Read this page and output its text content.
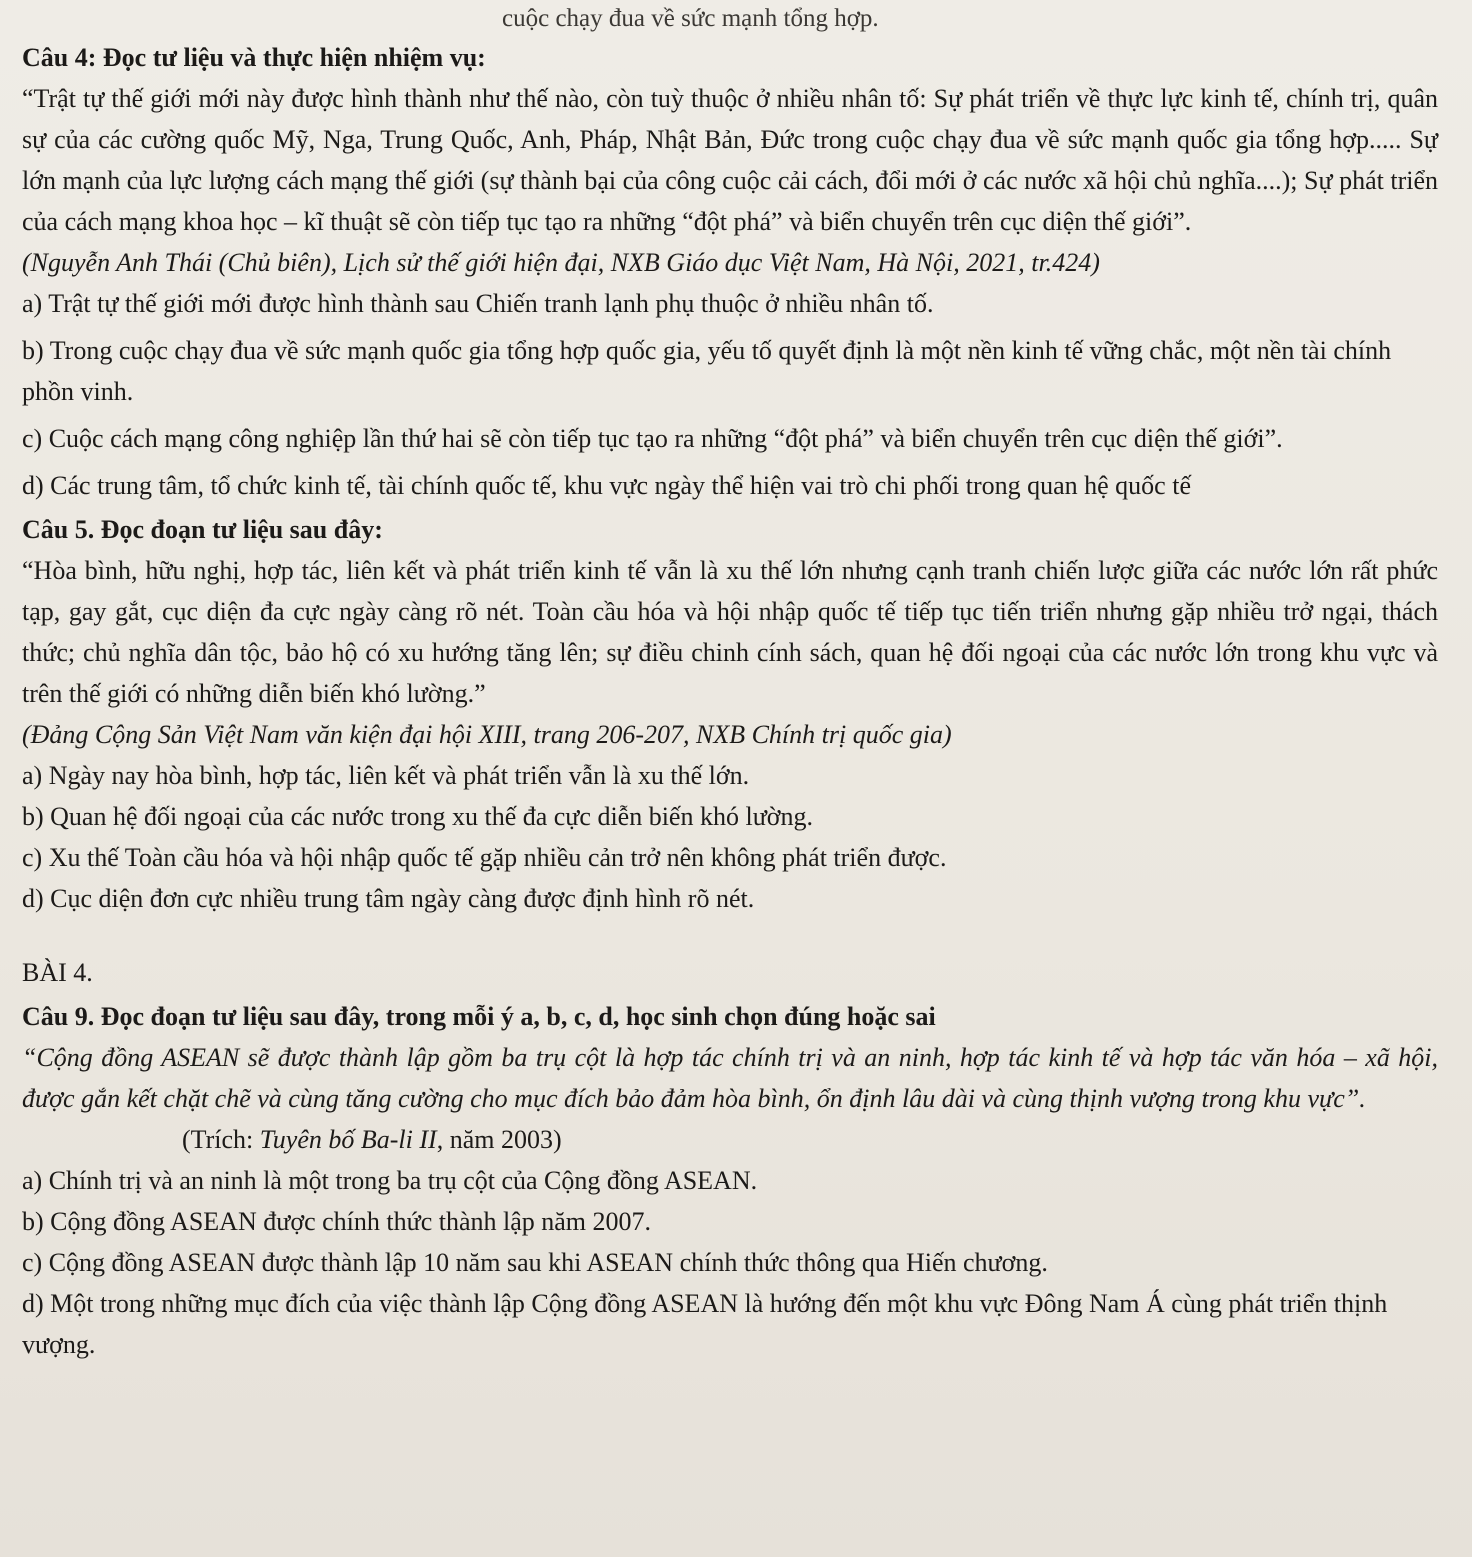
cuộc chạy đua về sức mạnh tổng hợp.
Câu 4: Đọc tư liệu và thực hiện nhiệm vụ:

“Trật tự thế giới mới này được hình thành như thế nào, còn tuỳ thuộc ở nhiều nhân tố: Sự phát triển về thực lực kinh tế, chính trị, quân sự của các cường quốc Mỹ, Nga, Trung Quốc, Anh, Pháp, Nhật Bản, Đức trong cuộc chạy đua về sức mạnh quốc gia tổng hợp..... Sự lớn mạnh của lực lượng cách mạng thế giới (sự thành bại của công cuộc cải cách, đổi mới ở các nước xã hội chủ nghĩa....); Sự phát triển của cách mạng khoa học – kĩ thuật sẽ còn tiếp tục tạo ra những “đột phá” và biển chuyển trên cục diện thế giới”.

(Nguyễn Anh Thái (Chủ biên), Lịch sử thế giới hiện đại, NXB Giáo dục Việt Nam, Hà Nội, 2021, tr.424)

a) Trật tự thế giới mới được hình thành sau Chiến tranh lạnh phụ thuộc ở nhiều nhân tố.

b) Trong cuộc chạy đua về sức mạnh quốc gia tổng hợp quốc gia, yếu tố quyết định là một nền kinh tế vững chắc, một nền tài chính phồn vinh.

c) Cuộc cách mạng công nghiệp lần thứ hai sẽ còn tiếp tục tạo ra những “đột phá” và biển chuyển trên cục diện thế giới”.

d) Các trung tâm, tổ chức kinh tế, tài chính quốc tế, khu vực ngày thể hiện vai trò chi phối trong quan hệ quốc tế

Câu 5. Đọc đoạn tư liệu sau đây:

“Hòa bình, hữu nghị, hợp tác, liên kết và phát triển kinh tế vẫn là xu thế lớn nhưng cạnh tranh chiến lược giữa các nước lớn rất phức tạp, gay gắt, cục diện đa cực ngày càng rõ nét. Toàn cầu hóa và hội nhập quốc tế tiếp tục tiến triển nhưng gặp nhiều trở ngại, thách thức; chủ nghĩa dân tộc, bảo hộ có xu hướng tăng lên; sự điều chinh cính sách, quan hệ đối ngoại của các nước lớn trong khu vực và trên thế giới có những diễn biến khó lường.”

(Đảng Cộng Sản Việt Nam văn kiện đại hội XIII, trang 206-207, NXB Chính trị quốc gia)

a) Ngày nay hòa bình, hợp tác, liên kết và phát triển vẫn là xu thế lớn.

b) Quan hệ đối ngoại của các nước trong xu thế đa cực diễn biến khó lường.

c) Xu thế Toàn cầu hóa và hội nhập quốc tế gặp nhiều cản trở nên không phát triển được.

d) Cục diện đơn cực nhiều trung tâm ngày càng được định hình rõ nét.

BÀI 4.
Câu 9. Đọc đoạn tư liệu sau đây, trong mỗi ý a, b, c, d, học sinh chọn đúng hoặc sai

“Cộng đồng ASEAN sẽ được thành lập gồm ba trụ cột là hợp tác chính trị và an ninh, hợp tác kinh tế và hợp tác văn hóa – xã hội, được gắn kết chặt chẽ và cùng tăng cường cho mục đích bảo đảm hòa bình, ổn định lâu dài và cùng thịnh vượng trong khu vực”.

(Trích: Tuyên bố Ba-li II, năm 2003)

a) Chính trị và an ninh là một trong ba trụ cột của Cộng đồng ASEAN.

b) Cộng đồng ASEAN được chính thức thành lập năm 2007.

c) Cộng đồng ASEAN được thành lập 10 năm sau khi ASEAN chính thức thông qua Hiến chương.

d) Một trong những mục đích của việc thành lập Cộng đồng ASEAN là hướng đến một khu vực Đông Nam Á cùng phát triển thịnh vượng.
